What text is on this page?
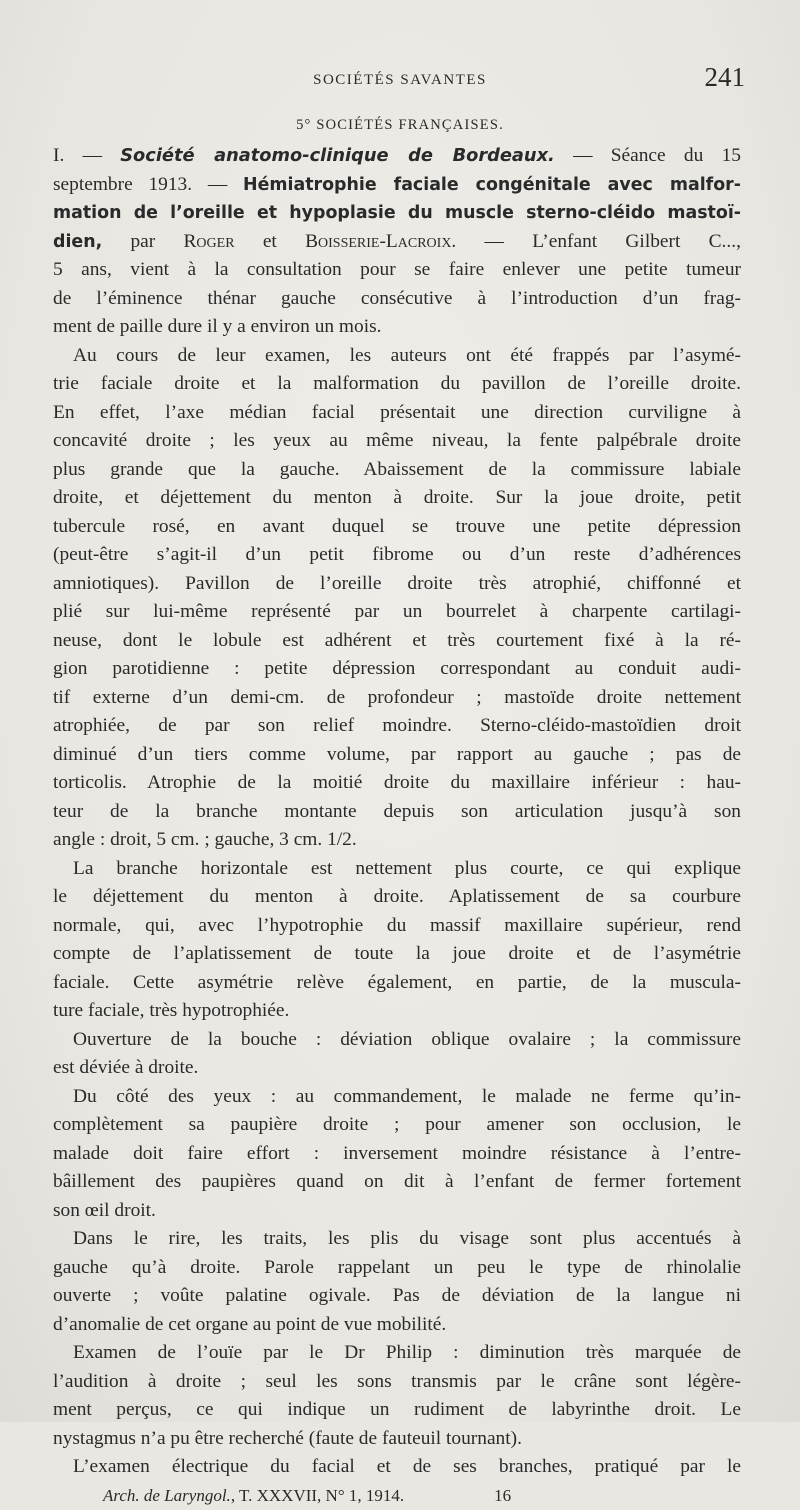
SOCIÉTÉS SAVANTES	241
5° SOCIÉTÉS FRANÇAISES.
I. — Société anatomo-clinique de Bordeaux. — Séance du 15
septembre 1913. — Hémiatrophie faciale congénitale avec malfor-
mation de l’oreille et hypoplasie du muscle sterno-cléido mastoï-
dien, par Roger et Boisserie-Lacroix. — L’enfant Gilbert C...,
5 ans, vient à la consultation pour se faire enlever une petite tumeur
de l’éminence thénar gauche consécutive à l’introduction d’un frag-
ment de paille dure il y a environ un mois.
Au cours de leur examen, les auteurs ont été frappés par l’asymé-
trie faciale droite et la malformation du pavillon de l’oreille droite.
En effet, l’axe médian facial présentait une direction curviligne à
concavité droite ; les yeux au même niveau, la fente palpébrale droite
plus grande que la gauche. Abaissement de la commissure labiale
droite, et déjettement du menton à droite. Sur la joue droite, petit
tubercule rosé, en avant duquel se trouve une petite dépression
(peut-être s’agit-il d’un petit fibrome ou d’un reste d’adhérences
amniotiques). Pavillon de l’oreille droite très atrophié, chiffonné et
plié sur lui-même représenté par un bourrelet à charpente cartilagi-
neuse, dont le lobule est adhérent et très courtement fixé à la ré-
gion parotidienne : petite dépression correspondant au conduit audi-
tif externe d’un demi-cm. de profondeur ; mastoïde droite nettement
atrophiée, de par son relief moindre. Sterno-cléido-mastoïdien droit
diminué d’un tiers comme volume, par rapport au gauche ; pas de
torticolis. Atrophie de la moitié droite du maxillaire inférieur : hau-
teur de la branche montante depuis son articulation jusqu’à son
angle : droit, 5 cm. ; gauche, 3 cm. 1/2.
La branche horizontale est nettement plus courte, ce qui explique
le déjettement du menton à droite. Aplatissement de sa courbure
normale, qui, avec l’hypotrophie du massif maxillaire supérieur, rend
compte de l’aplatissement de toute la joue droite et de l’asymétrie
faciale. Cette asymétrie relève également, en partie, de la muscula-
ture faciale, très hypotrophiée.
Ouverture de la bouche : déviation oblique ovalaire ; la commissure
est déviée à droite.
Du côté des yeux : au commandement, le malade ne ferme qu’in-
complètement sa paupière droite ; pour amener son occlusion, le
malade doit faire effort : inversement moindre résistance à l’entre-
bâillement des paupières quand on dit à l’enfant de fermer fortement
son œil droit.
Dans le rire, les traits, les plis du visage sont plus accentués à
gauche qu’à droite. Parole rappelant un peu le type de rhinolalie
ouverte ; voûte palatine ogivale. Pas de déviation de la langue ni
d’anomalie de cet organe au point de vue mobilité.
Examen de l’ouïe par le Dr Philip : diminution très marquée de
l’audition à droite ; seul les sons transmis par le crâne sont légère-
ment perçus, ce qui indique un rudiment de labyrinthe droit. Le
nystagmus n’a pu être recherché (faute de fauteuil tournant).
L’examen électrique du facial et de ses branches, pratiqué par le
Arch. de Laryngol., T. XXXVII, N° 1, 1914.	16
